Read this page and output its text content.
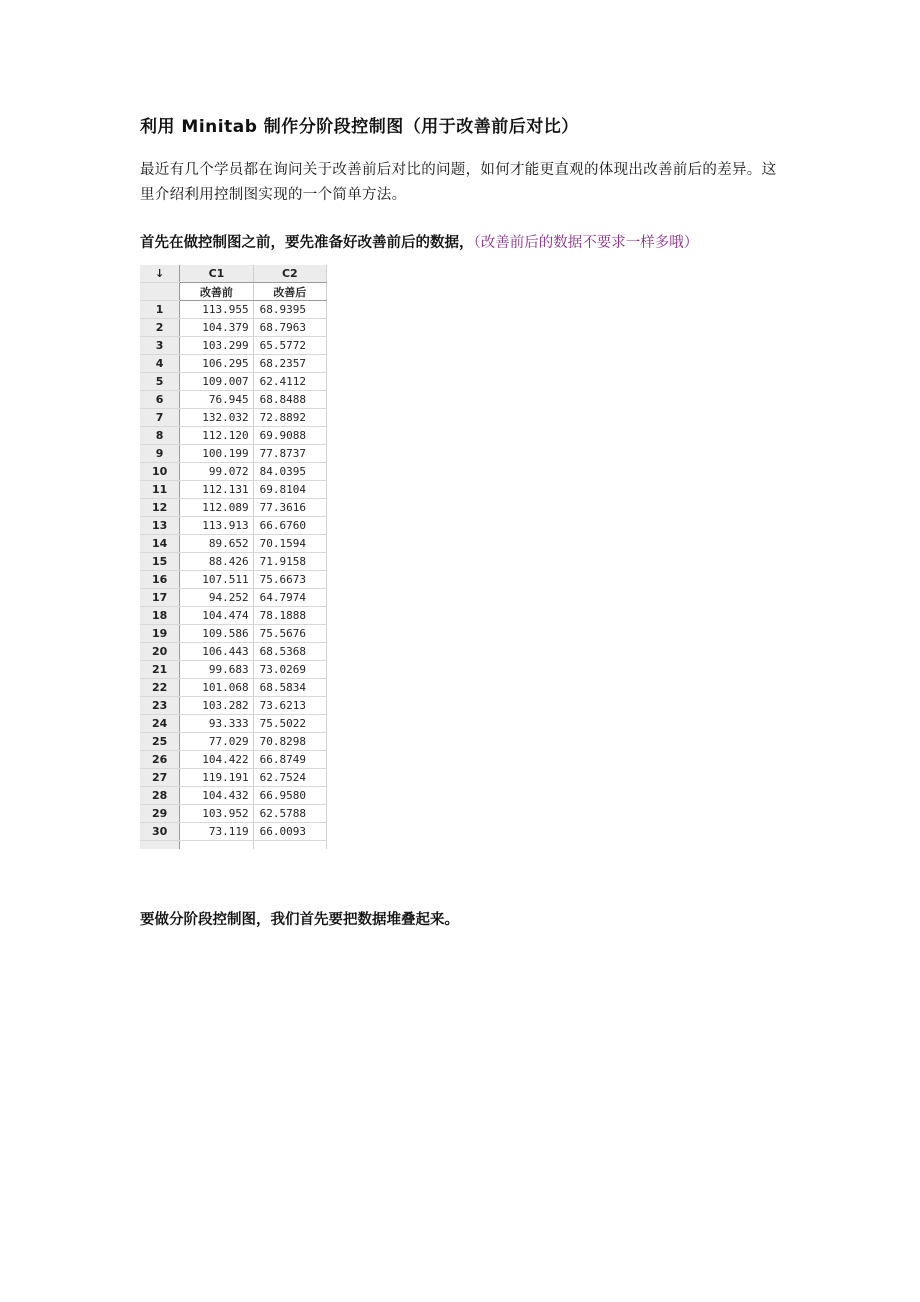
利用 Minitab 制作分阶段控制图（用于改善前后对比）
最近有几个学员都在询问关于改善前后对比的问题，如何才能更直观的体现出改善前后的差异。这里介绍利用控制图实现的一个简单方法。
首先在做控制图之前，要先准备好改善前后的数据，（改善前后的数据不要求一样多哦）
↓	C1	C2
	改善前	改善后
1	113.955	68.9395
2	104.379	68.7963
3	103.299	65.5772
4	106.295	68.2357
5	109.007	62.4112
6	76.945	68.8488
7	132.032	72.8892
8	112.120	69.9088
9	100.199	77.8737
10	99.072	84.0395
11	112.131	69.8104
12	112.089	77.3616
13	113.913	66.6760
14	89.652	70.1594
15	88.426	71.9158
16	107.511	75.6673
17	94.252	64.7974
18	104.474	78.1888
19	109.586	75.5676
20	106.443	68.5368
21	99.683	73.0269
22	101.068	68.5834
23	103.282	73.6213
24	93.333	75.5022
25	77.029	70.8298
26	104.422	66.8749
27	119.191	62.7524
28	104.432	66.9580
29	103.952	62.5788
30	73.119	66.0093

要做分阶段控制图，我们首先要把数据堆叠起来。
